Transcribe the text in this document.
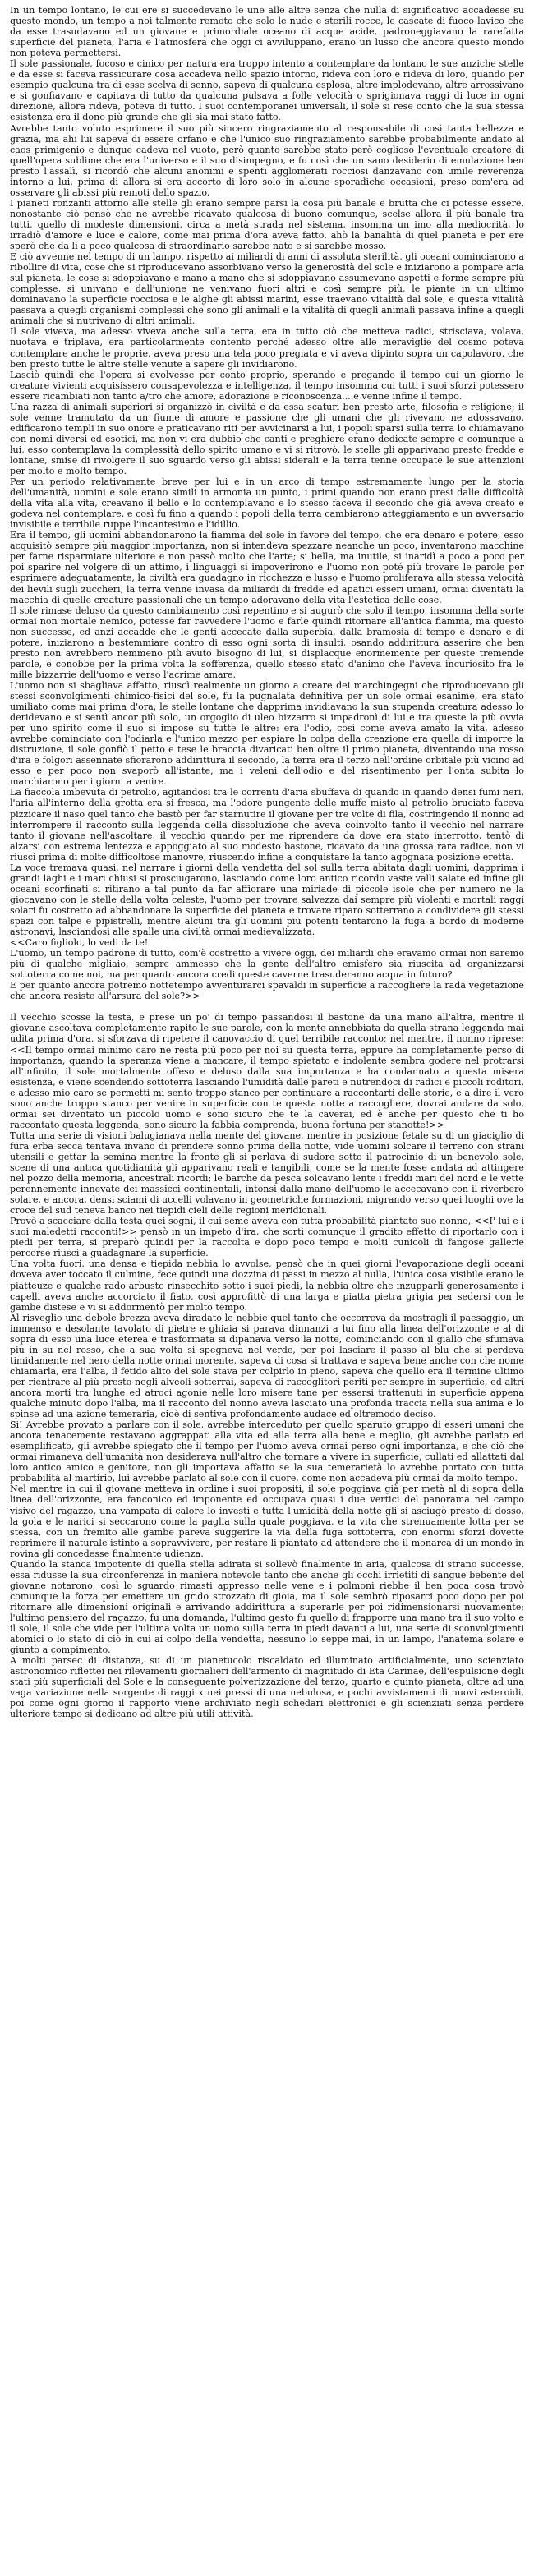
In un tempo lontano, le cui ere si succedevano le une alle altre senza che nulla di significativo accadesse su questo mondo, un tempo a noi talmente remoto che solo le nude e sterili rocce, le cascate di fuoco lavico che da esse trasudavano ed un giovane e primordiale oceano di acque acide, padroneggiavano la rarefatta superficie del pianeta, l'aria e l'atmosfera che oggi ci avviluppano, erano un lusso che ancora questo mondo non poteva permettersi.

Il sole passionale, focoso e cinico per natura era troppo intento a contemplare da lontano le sue anziche stelle e da esse si faceva rassicurare cosa accadeva nello spazio intorno, rideva con loro e rideva di loro, quando per esempio qualcuna tra di esse scelva di senno, sapeva di qualcuna esplosa, altre implodevano, altre arrossivano e si gonfiavano e capitava di tutto da qualcuna pulsava a folle velocità o sprigionava raggi di luce in ogni direzione, allora rideva, poteva di tutto. I suoi contemporanei universali, il sole si rese conto che la sua stessa esistenza era il dono più grande che gli sia mai stato fatto.

Avrebbe tanto voluto esprimere il suo più sincero ringraziamento al responsabile di così tanta bellezza e grazia, ma ahi lui sapeva di essere orfano e che l'unico suo ringraziamento sarebbe probabilmente andato al caos primigenio e dunque cadeva nel vuoto, però quanto sarebbe stato però coglioso l'eventuale creatore di quell'opera sublime che era l'universo e il suo disimpegno, e fu così che un sano desiderio di emulazione ben presto l'assalì, si ricordò che alcuni anonimi e spenti agglomerati rocciosi danzavano con umile reverenza intorno a lui, prima di allora si era accorto di loro solo in alcune sporadiche occasioni, preso com'era ad osservare gli abissi più remoti dello spazio.

I pianeti ronzanti attorno alle stelle gli erano sempre parsi la cosa più banale e brutta che ci potesse essere, nonostante ciò pensò che ne avrebbe ricavato qualcosa di buono comunque, scelse allora il più banale tra tutti, quello di modeste dimensioni, circa a metà strada nel sistema, insomma un imo alla mediocrità, lo irradiò d'amore e luce e calore, come mai prima d'ora aveva fatto, ahò la banalità di quel pianeta e per ere sperò che da lì a poco qualcosa di straordinario sarebbe nato e si sarebbe mosso.

E ciò avvenne nel tempo di un lampo, rispetto ai miliardi di anni di assoluta sterilità, gli oceani cominciarono a ribollire di vita, cose che si riproducevano assorbivano verso la generosità del sole e iniziarono a pompare aria sul pianeta, le cose si sdoppiavano e mano a mano che si sdoppiavano assumevano aspetti e forme sempre più complesse, si univano e dall'unione ne venivano fuori altri e così sempre più, le piante in un ultimo dominavano la superficie rocciosa e le alghe gli abissi marini, esse traevano vitalità dal sole, e questa vitalità passava a quegli organismi complessi che sono gli animali e la vitalità di quegli animali passava infine a quegli animali che si nutrivano di altri animali.

Il sole viveva, ma adesso viveva anche sulla terra, era in tutto ciò che metteva radici, strisciava, volava, nuotava e triplava, era particolarmente contento perché adesso oltre alle meraviglie del cosmo poteva contemplare anche le proprie, aveva preso una tela poco pregiata e vi aveva dipinto sopra un capolavoro, che ben presto tutte le altre stelle venute a sapere gli invidiarono.

Lasciò quindi che l'opera si evolvesse per conto proprio, sperando e pregando il tempo cui un giorno le creature vivienti acquisissero consapevolezza e intelligenza, il tempo insomma cui tutti i suoi sforzi potessero essere ricambiati non tanto a/tro che amore, adorazione e riconoscenza....e venne infine il tempo.

Una razza di animali superiori si organizzò in civiltà e da essa scaturì ben presto arte, filosofia e religione; il sole venne tramutato da un fiume di amore e passione che gli umani che gli rivevano ne adossavano, edificarono templi in suo onore e praticavano riti per avvicinarsi a lui, i popoli sparsi sulla terra lo chiamavano con nomi diversi ed esotici, ma non vi era dubbio che canti e preghiere erano dedicate sempre e comunque a lui, esso contemplava la complessità dello spirito umano e vi si ritrovò, le stelle gli apparivano presto fredde e lontane, smise di rivolgere il suo sguardo verso gli abissi siderali e la terra tenne occupate le sue attenzioni per molto e molto tempo.

Per un periodo relativamente breve per lui e in un arco di tempo estremamente lungo per la storia dell'umanità, uomini e sole erano simili in armonia un punto, i primi quando non erano presi dalle difficoltà della vita alla vita, creavano il bello e lo contemplavano e lo stesso faceva il secondo che già aveva creato e godeva nel contemplare, e così fu fino a quando i popoli della terra cambiarono atteggiamento e un avversario invisibile e terribile ruppe l'incantesimo e l'idillio.

Era il tempo, gli uomini abbandonarono la fiamma del sole in favore del tempo, che era denaro e potere, esso acquisitò sempre più maggior importanza, non si intendeva spezzare neanche un poco, inventarono macchine per farne risparmiare ulteriore e non passò molto che l'arte; si bella, ma inutile, si inaridì a poco a poco per poi sparire nel volgere di un attimo, i linguaggi si impoverirono e l'uomo non poté più trovare le parole per esprimere adeguatamente, la civiltà era guadagno in ricchezza e lusso e l'uomo proliferava alla stessa velocità dei lievili sugli zuccheri, la terra venne invasa da miliardi di fredde ed apatici esseri umani, ormai diventati la macchia di quelle creature passionali che un tempo adoravano della vita l'estetica delle cose.

Il sole rimase deluso da questo cambiamento così repentino e si augurò che solo il tempo, insomma della sorte ormai non mortale nemico, potesse far ravvedere l'uomo e farle quindi ritornare all'antica fiamma, ma questo non successe, ed anzi accadde che le genti accecate dalla superbia, dalla bramosia di tempo e denaro e di potere, iniziarono a bestemmiare contro di esso ogni sorta di insulti, osando addirittura asserire che ben presto non avrebbero nemmeno più avuto bisogno di lui, si displacque enormemente per queste tremende parole, e conobbe per la prima volta la sofferenza, quello stesso stato d'animo che l'aveva incuriosito fra le mille bizzarrie dell'uomo e verso l'acrime amare.

L'uomo non si sbagliava affatto, riuscì realmente un giorno a creare dei marchingegni che riproducevano gli stessi sconvolgimenti chimico-fisici del sole, fu la pugnalata definitiva per un sole ormai esanime, era stato umiliato come mai prima d'ora, le stelle lontane che dapprima invidiavano la sua stupenda creatura adesso lo deridevano e si sentì ancor più solo, un orgoglio di uleo bizzarro si impadronì di lui e tra queste la più ovvia per uno spirito come il suo si impose su tutte le altre: era l'odio, così come aveva amato la vita, adesso avrebbe cominciato con l'odiarla e l'unico mezzo per espiare la colpa della creazione era quella di imporre la distruzione, il sole gonfiò il petto e tese le braccia divaricati ben oltre il primo pianeta, diventando una rosso d'ira e folgori assennate sfiorarono addirittura il secondo, la terra era il terzo nell'ordine orbitale più vicino ad esso e per poco non svaporò all'istante, ma i veleni dell'odio e del risentimento per l'onta subita lo marchiarono per i giorni a venire.

La fiaccola imbevuta di petrolio, agitandosi tra le correnti d'aria sbuffava di quando in quando densi fumi neri, l'aria all'interno della grotta era si fresca, ma l'odore pungente delle muffe misto al petrolio bruciato faceva pizzicare il naso quel tanto che bastò per far starnutire il giovane per tre volte di fila, costringendo il nonno ad interrompere il racconto sulla leggenda della dissoluzione che aveva coinvolto tanto il vecchio nel narrare tanto il giovane nell'ascoltare, il vecchio quando per me riprendere da dove era stato interrotto, tentò di alzarsi con estrema lentezza e appoggiato al suo modesto bastone, ricavato da una grossa rara radice, non vi riuscì prima di molte difficoltose manovre, riuscendo infine a conquistare la tanto agognata posizione eretta.

La voce tremava quasi, nel narrare i giorni della vendetta del sol sulla terra abitata dagli uomini, dapprima i grandi laghi e i mari chiusi si prosciugarono, lasciando come loro antico ricordo vaste valli salate ed infine gli oceani scorfinati si ritirano a tal punto da far affiorare una miriade di piccole isole che per numero ne la giocavano con le stelle della volta celeste, l'uomo per trovare salvezza dai sempre più violenti e mortali raggi solari fu costretto ad abbandonare la superficie del pianeta e trovare riparo sotterrano a condividere gli stessi spazi con talpe e pipistrelli, mentre alcuni tra gli uomini più potenti tentarono la fuga a bordo di moderne astronavi, lasciandosi alle spalle una civiltà ormai medievalizzata.

<<Caro figliolo, lo vedi da te!

L'uomo, un tempo padrone di tutto, com'è costretto a vivere oggi, dei miliardi che eravamo ormai non saremo più di qualche migliaio, sempre ammesso che la gente dell'altro emisfero sia riuscita ad organizzarsi sottoterra come noi, ma per quanto ancora credi queste caverne trasuderanno acqua in futuro?

E per quanto ancora potremo nottetempo avventurarci spavaldi in superficie a raccogliere la rada vegetazione che ancora resiste all'arsura del sole?>>

Il vecchio scosse la testa, e prese un po' di tempo passandosi il bastone da una mano all'altra, mentre il giovane ascoltava completamente rapito le sue parole, con la mente annebbiata da quella strana leggenda mai udita prima d'ora, si sforzava di ripetere il canovaccio di quel terribile racconto; nel mentre, il nonno riprese:<<Il tempo ormai minimo caro ne resta più poco per noi su questa terra, eppure ha completamente perso di importanza, quando la speranza viene a mancare, il tempo spietato e indolente sembra godere nel protrarsi all'infinito, il sole mortalmente offeso e deluso dalla sua importanza e ha condannato a questa misera esistenza, e viene scendendo sottoterra lasciando l'umidità dalle pareti e nutrendoci di radici e piccoli roditori, e adesso mio caro se permetti mi sento troppo stanco per continuare a raccontarti delle storie, e a dire il vero sono anche troppo stanco per venire in superficie con te questa notte a raccogliere, dovrai andare da solo, ormai sei diventato un piccolo uomo e sono sicuro che te la caverai, ed è anche per questo che ti ho raccontato questa leggenda, sono sicuro la fabbia comprenda, buona fortuna per stanotte!>>

Tutta una serie di visioni balugianava nella mente del giovane, mentre in posizione fetale su di un giaciglio di fura erba secca tentava invano di prendere sonno prima della notte, vide uomini solcare il terreno con strani utensili e gettar la semina mentre la fronte gli si perlava di sudore sotto il patrocinio di un benevolo sole, scene di una antica quotidianità gli apparivano reali e tangibili, come se la mente fosse andata ad attingere nel pozzo della memoria, ancestrali ricordi; le barche da pesca solcavano lente i freddi mari del nord e le vette perennemente innevate dei massicci continentali, intonsi dalla mano dell'uomo le accecavano con il riverbero solare, e ancora, densi sciami di uccelli volavano in geometriche formazioni, migrando verso quei luoghi ove la croce del sud teneva banco nei tiepidi cieli delle regioni meridionali.

Provò a scacciare dalla testa quei sogni, il cui seme aveva con tutta probabilità piantato suo nonno, <<I' lui e i suoi maledetti racconti!>> pensò in un impeto d'ira, che sortì comunque il gradito effetto di riportarlo con i piedi per terra, si preparò quindi per la raccolta e dopo poco tempo e molti cunicoli di fangose gallerie percorse riuscì a guadagnare la superficie.

Una volta fuori, una densa e tiepida nebbia lo avvolse, pensò che in quei giorni l'evaporazione degli oceani doveva aver toccato il culmine, fece quindi una dozzina di passi in mezzo al nulla, l'unica cosa visibile erano le piatteuze e qualche rado arbusto rinsecchito sotto i suoi piedi, la nebbia oltre che inzupparli generosamente i capelli aveva anche accorciato il fiato, così approfittò di una larga e piatta pietra grigia per sedersi con le gambe distese e vi si addormentò per molto tempo.

Al risveglio una debole brezza aveva diradato le nebbie quel tanto che occorreva da mostragli il paesaggio, un immenso e desolante tavolato di pietre e ghiaia si parava dinnanzi a lui fino alla linea dell'orizzonte e al di sopra di esso una luce eterea e trasformata si dipanava verso la notte, cominciando con il giallo che sfumava più in su nel rosso, che a sua volta si spegneva nel verde, per poi lasciare il passo al blu che si perdeva timidamente nel nero della notte ormai morente, sapeva di cosa si trattava e sapeva bene anche con che nome chiamarla, era l'alba, il fetido alito del sole stava per colpirlo in pieno, sapeva che quello era il termine ultimo per rientrare al più presto negli alveoli sotterrai, sapeva di raccoglitori periti per sempre in superficie, ed altri ancora morti tra lunghe ed atroci agonie nelle loro misere tane per essersi trattenuti in superficie appena qualche minuto dopo l'alba, ma il racconto del nonno aveva lasciato una profonda traccia nella sua anima e lo spinse ad una azione temeraria, cioè di sentiva profondamente audace ed oltremodo deciso.

Si! Avrebbe provato a parlare con il sole, avrebbe intercedutо per quello sparuto gruppo di esseri umani che ancora tenacemente restavano aggrappati alla vita ed alla terra alla bene e meglio, gli avrebbe parlato ed esemplificato, gli avrebbe spiegato che il tempo per l'uomo aveva ormai perso ogni importanza, e che ciò che ormai rimaneva dell'umanità non desiderava null'altro che tornare a vivere in superficie, cullati ed allattati dal loro antico amico e genitore, non gli importava affatto se la sua temerarietà lo avrebbe portato con tutta probabilità al martirio, lui avrebbe parlato al sole con il cuore, come non accadeva più ormai da molto tempo.

Nel mentre in cui il giovane metteva in ordine i suoi propositi, il sole poggiava già per metà al di sopra della linea dell'orizzonte, era fanconico ed imponente ed occupava quasi i due vertici del panorama nel campo visivo del ragazzo, una vampata di calore lo investì e tutta l'umidità della notte gli si asciugò presto di dosso, la gola e le narici si seccarono come la paglia sulla quale poggiava, e la vita che strenuamente lotta per se stessa, con un fremito alle gambe pareva suggerire la via della fuga sottoterra, con enormi sforzi dovette reprimere il naturale istinto a sopravvivere, per restare li piantato ad attendere che il monarca di un mondo in rovina gli concedesse finalmente udienza.

Quando la stanca impotente di quella stella adirata si sollevò finalmente in aria, qualcosa di strano successe, essa ridusse la sua circonferenza in maniera notevole tanto che anche gli occhi irrietiti di sangue bebente del giovane notarono, così lo sguardo rimasti appresso nelle vene e i polmoni riebbe il ben poca cosa trovò comunque la forza per emettere un grido strozzato di gioia, ma il sole sembrò riposarci poco dopo per poi ritornare alle dimensioni originali e arrivando addirittura a superarle per poi ridimensionarsi nuovamente; l'ultimo pensiero del ragazzo, fu una domanda, l'ultimo gesto fu quello di frapporre una mano tra il suo volto e il sole, il sole che vide per l'ultima volta un uomo sulla terra in piedi davanti a lui, una serie di sconvolgimenti atomici o lo stato di ciò in cui ai colpo della vendetta, nessuno lo seppe mai, in un lampo, l'anatema solare e giunto a compimento.

A molti parsec di distanza, su di un pianetucolo riscaldato ed illuminato artificialmente, uno scienziato astronomico riflettei nei rilevamenti giornalieri dell'armento di magnitudo di Eta Carinae, dell'espulsione degli stati più superficiali del Sole e la conseguente polverizzazione del terzo, quarto e quinto pianeta, oltre ad una vaga variazione nella sorgente di raggi x nei pressi di una nebulosa, e pochi avvistamenti di nuovi asteroidi, poi come ogni giorno il rapporto viene archiviato negli schedari elettronici e gli scienziati senza perdere ulteriore tempo si dedicano ad altre più utili attività.
